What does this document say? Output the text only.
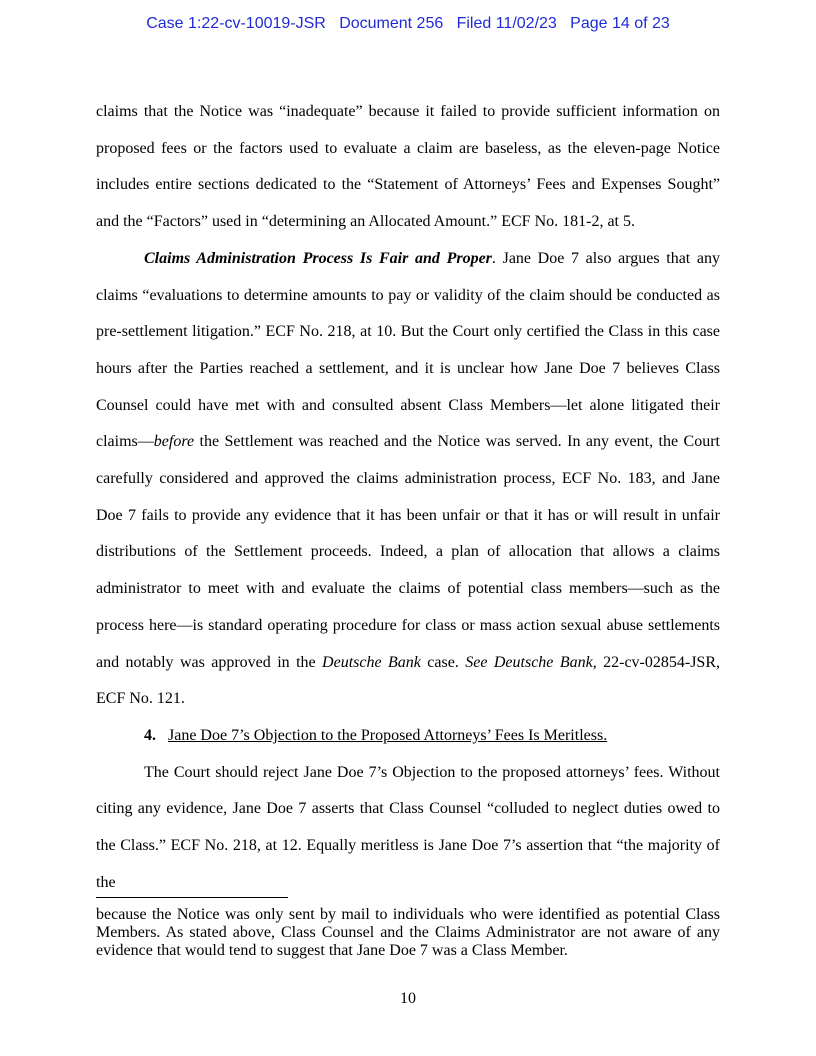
Case 1:22-cv-10019-JSR Document 256 Filed 11/02/23 Page 14 of 23

claims that the Notice was “inadequate” because it failed to provide sufficient information on proposed fees or the factors used to evaluate a claim are baseless, as the eleven-page Notice includes entire sections dedicated to the “Statement of Attorneys’ Fees and Expenses Sought” and the “Factors” used in “determining an Allocated Amount.” ECF No. 181-2, at 5.

Claims Administration Process Is Fair and Proper. Jane Doe 7 also argues that any claims “evaluations to determine amounts to pay or validity of the claim should be conducted as pre-settlement litigation.” ECF No. 218, at 10. But the Court only certified the Class in this case hours after the Parties reached a settlement, and it is unclear how Jane Doe 7 believes Class Counsel could have met with and consulted absent Class Members—let alone litigated their claims—before the Settlement was reached and the Notice was served. In any event, the Court carefully considered and approved the claims administration process, ECF No. 183, and Jane Doe 7 fails to provide any evidence that it has been unfair or that it has or will result in unfair distributions of the Settlement proceeds. Indeed, a plan of allocation that allows a claims administrator to meet with and evaluate the claims of potential class members—such as the process here—is standard operating procedure for class or mass action sexual abuse settlements and notably was approved in the Deutsche Bank case. See Deutsche Bank, 22-cv-02854-JSR, ECF No. 121.

4. Jane Doe 7’s Objection to the Proposed Attorneys’ Fees Is Meritless.

The Court should reject Jane Doe 7’s Objection to the proposed attorneys’ fees. Without citing any evidence, Jane Doe 7 asserts that Class Counsel “colluded to neglect duties owed to the Class.” ECF No. 218, at 12. Equally meritless is Jane Doe 7’s assertion that “the majority of the

because the Notice was only sent by mail to individuals who were identified as potential Class Members. As stated above, Class Counsel and the Claims Administrator are not aware of any evidence that would tend to suggest that Jane Doe 7 was a Class Member.
10
